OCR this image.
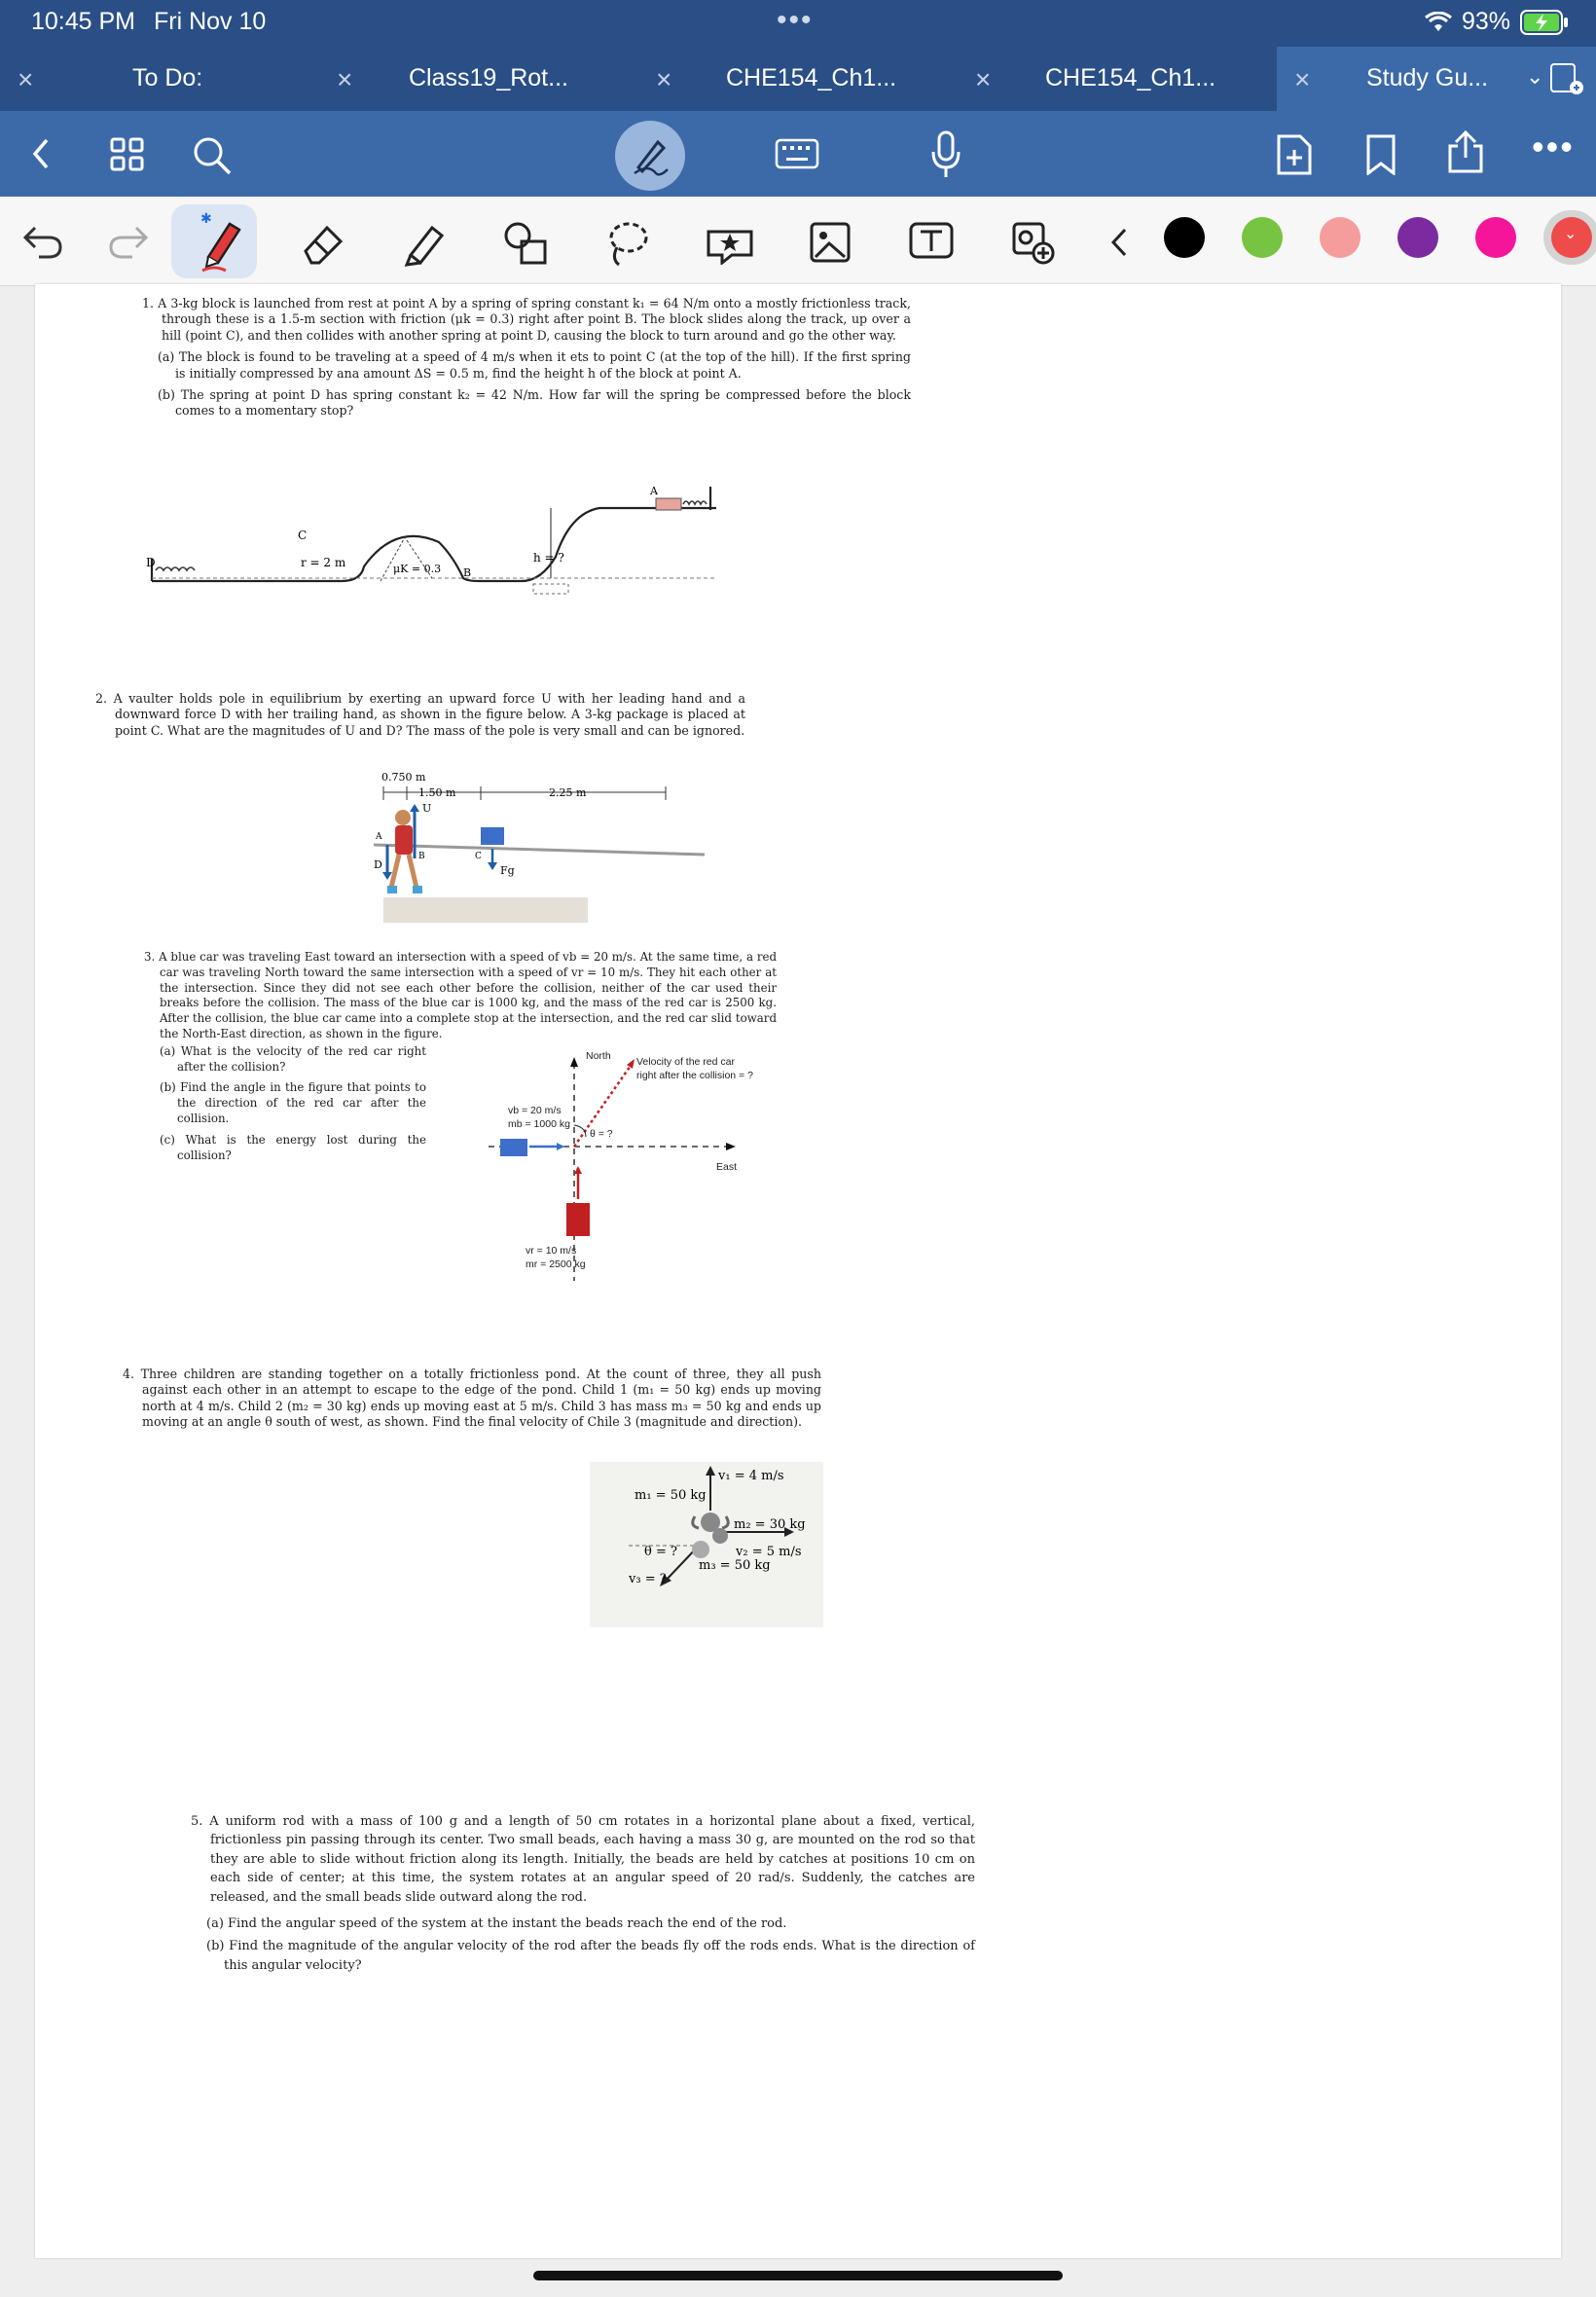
10:45 PM Fri Nov 10	•••	93%
×	To Do:	× Class19_Rot...	× CHE154_Ch1...	× CHE154_Ch1...	× Study Gu... ⌄
•••
✱
⌄

1. A 3-kg block is launched from rest at point A by a spring of spring constant k₁ = 64 N/m onto a mostly frictionless track, through these is a 1.5-m section with friction (μk = 0.3) right after point B. The block slides along the track, up over a hill (point C), and then collides with another spring at point D, causing the block to turn around and go the other way.

(a) The block is found to be traveling at a speed of 4 m/s when it ets to point C (at the top of the hill). If the first spring is initially compressed by ana amount ΔS = 0.5 m, find the height h of the block at point A.

(b) The spring at point D has spring constant k₂ = 42 N/m. How far will the spring be compressed before the block comes to a momentary stop?

C
r = 2 m	μK = 0.3 B
D	h = ?
A

2. A vaulter holds pole in equilibrium by exerting an upward force U with her leading hand and a downward force D with her trailing hand, as shown in the figure below. A 3-kg package is placed at point C. What are the magnitudes of U and D? The mass of the pole is very small and can be ignored.

0.750 m
1.50 m	2.25 m
U
D
A
B	C
Fg

3. A blue car was traveling East toward an intersection with a speed of vb = 20 m/s. At the same time, a red car was traveling North toward the same intersection with a speed of vr = 10 m/s. They hit each other at the intersection. Since they did not see each other before the collision, neither of the car used their breaks before the collision. The mass of the blue car is 1000 kg, and the mass of the red car is 2500 kg. After the collision, the blue car came into a complete stop at the intersection, and the red car slid toward the North-East direction, as shown in the figure.

(a) What is the velocity of the red car right after the collision?

(b) Find the angle in the figure that points to the direction of the red car after the collision.

(c) What is the energy lost during the collision?

North	Velocity of the red car
right after the collision = ?
vb = 20 m/s
mb = 1000 kg
θ = ?
East
vr = 10 m/s
mr = 2500 kg

4. Three children are standing together on a totally frictionless pond. At the count of three, they all push against each other in an attempt to escape to the edge of the pond. Child 1 (m₁ = 50 kg) ends up moving north at 4 m/s. Child 2 (m₂ = 30 kg) ends up moving east at 5 m/s. Child 3 has mass m₃ = 50 kg and ends up moving at an angle θ south of west, as shown. Find the final velocity of Chile 3 (magnitude and direction).

v₁ = 4 m/s
m₁ = 50 kg
m₂ = 30 kg
v₂ = 5 m/s
θ = ?
m₃ = 50 kg
v₃ = ?

5. A uniform rod with a mass of 100 g and a length of 50 cm rotates in a horizontal plane about a fixed, vertical, frictionless pin passing through its center. Two small beads, each having a mass 30 g, are mounted on the rod so that they are able to slide without friction along its length. Initially, the beads are held by catches at positions 10 cm on each side of center; at this time, the system rotates at an angular speed of 20 rad/s. Suddenly, the catches are released, and the small beads slide outward along the rod.

(a) Find the angular speed of the system at the instant the beads reach the end of the rod.

(b) Find the magnitude of the angular velocity of the rod after the beads fly off the rods ends. What is the direction of this angular velocity?
